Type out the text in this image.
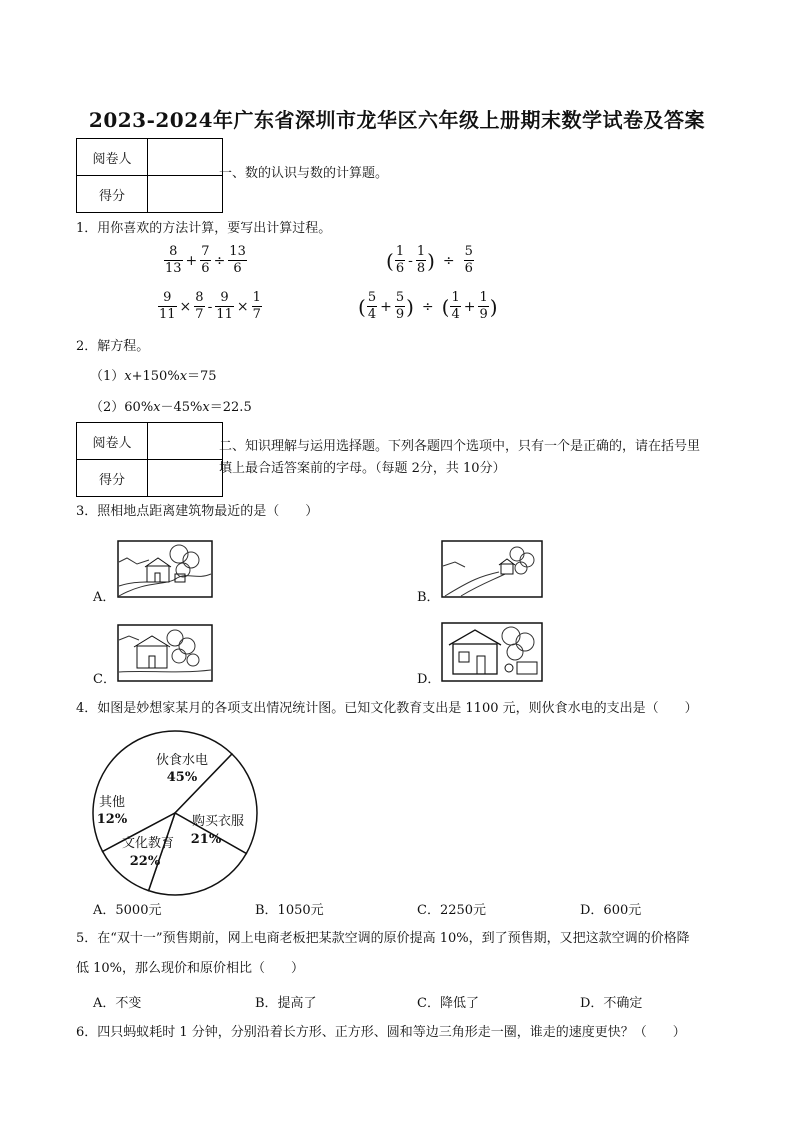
2023-2024年广东省深圳市龙华区六年级上册期末数学试卷及答案
阅卷人	
得分	
一、数的认识与数的计算题。
1．用你喜欢的方法计算，要写出计算过程。
$\frac{8}{13} + \frac{7}{6} \div \frac{13}{6}$	( $\frac{1}{6} - \frac{1}{8}$ ) ÷ $\frac{5}{6}$
$\frac{9}{11} \times \frac{8}{7} - \frac{9}{11} \times \frac{1}{7}$	( $\frac{5}{4} + \frac{5}{9}$ ) ÷ ( $\frac{1}{4} + \frac{1}{9}$ )
2．解方程。
（1）x+150%x＝75
（2）60%x－45%x＝22.5
阅卷人	
得分	
二、知识理解与运用选择题。下列各题四个选项中，只有一个是正确的，请在括号里
填上最合适答案前的字母。（每题 2分，共 10分）
3．照相地点距离建筑物最近的是（　　）
A．	B．
C．	D．
4．如图是妙想家某月的各项支出情况统计图。已知文化教育支出是 1100 元，则伙食水电的支出是（　　）
伙食水电
45%
购买衣服
21%
文化教育
22%
其他
12%
A．5000元	B．1050元	C．2250元	D．600元
5．在“双十一”预售期前，网上电商老板把某款空调的原价提高 10%，到了预售期，又把这款空调的价格降
低 10%，那么现价和原价相比（　　）
A．不变	B．提高了	C．降低了	D．不确定
6．四只蚂蚁耗时 1 分钟，分别沿着长方形、正方形、圆和等边三角形走一圈，谁走的速度更快？（　　）
